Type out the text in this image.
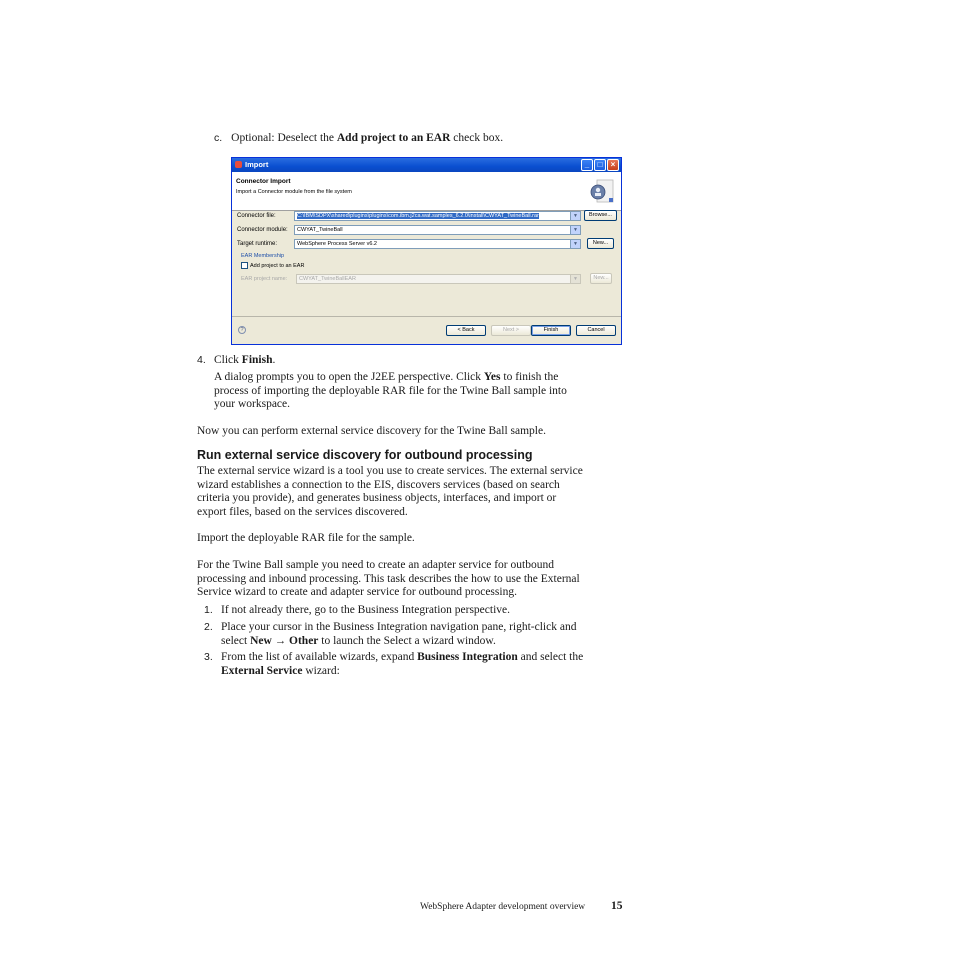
c. Optional: Deselect the Add project to an EAR check box.
Import	_	□	×
Connector Import
Import a Connector module from the file system
Connector file:	C:\IBM\SDPX\shared\plugins\plugins\com.ibm.j2ca.wat.samples_6.2.0\install\CWYAT_TwineBall.rar	▼	Browse...
Connector module:	CWYAT_TwineBall	▼
Target runtime:	WebSphere Process Server v6.2	▼	New...
EAR Membership
Add project to an EAR
EAR project name:	CWYAT_TwineBallEAR	▼	New...
?	< Back	Next >	Finish	Cancel
4. Click Finish.
A dialog prompts you to open the J2EE perspective. Click Yes to finish the
process of importing the deployable RAR file for the Twine Ball sample into
your workspace.
Now you can perform external service discovery for the Twine Ball sample.
Run external service discovery for outbound processing
The external service wizard is a tool you use to create services. The external service
wizard establishes a connection to the EIS, discovers services (based on search
criteria you provide), and generates business objects, interfaces, and import or
export files, based on the services discovered.
Import the deployable RAR file for the sample.
For the Twine Ball sample you need to create an adapter service for outbound
processing and inbound processing. This task describes the how to use the External
Service wizard to create and adapter service for outbound processing.
1. If not already there, go to the Business Integration perspective.
2. Place your cursor in the Business Integration navigation pane, right-click and
select New → Other to launch the Select a wizard window.
3. From the list of available wizards, expand Business Integration and select the
External Service wizard:
WebSphere Adapter development overview 15
